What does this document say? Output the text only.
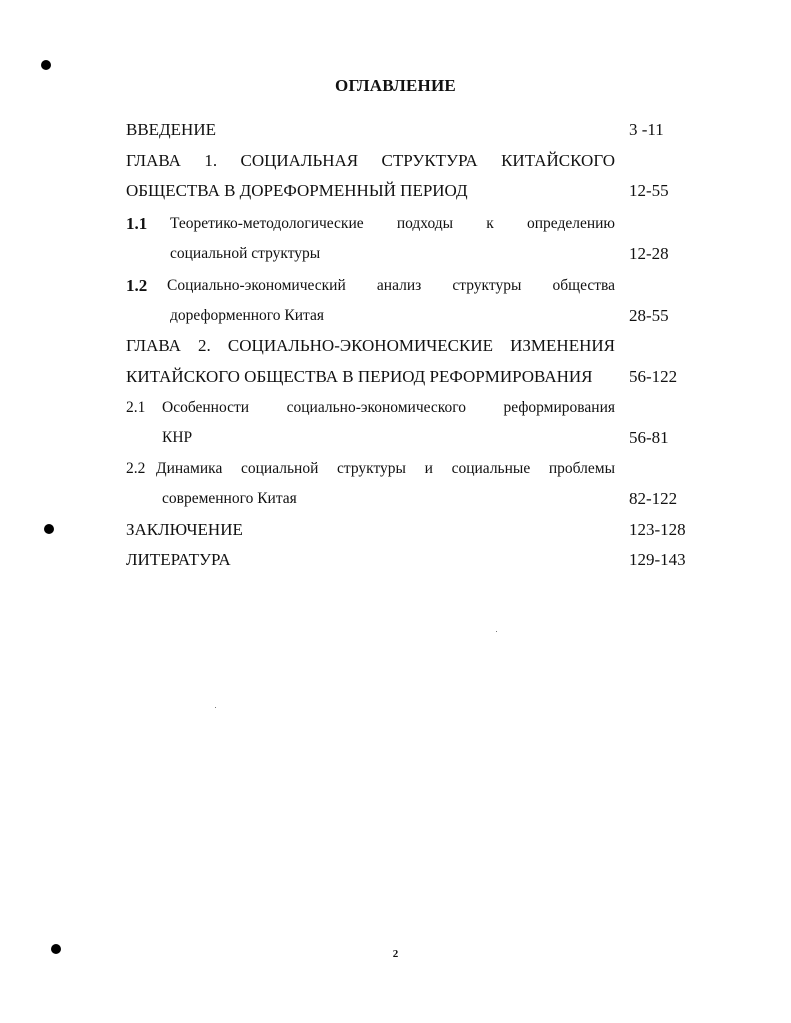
ОГЛАВЛЕНИЕ
ВВЕДЕНИЕ	3 -11
ГЛАВА 1. СОЦИАЛЬНАЯ СТРУКТУРА КИТАЙСКОГО
ОБЩЕСТВА В ДОРЕФОРМЕННЫЙ ПЕРИОД	12-55
1.1 Теоретико-методологические подходы к определению
социальной структуры	12-28
1.2 Социально-экономический анализ структуры общества
дореформенного Китая	28-55
ГЛАВА 2. СОЦИАЛЬНО-ЭКОНОМИЧЕСКИЕ ИЗМЕНЕНИЯ
КИТАЙСКОГО ОБЩЕСТВА В ПЕРИОД РЕФОРМИРОВАНИЯ 56-122
2.1 Особенности социально-экономического реформирования
КНР	56-81
2.2 Динамика социальной структуры и социальные проблемы
современного Китая	82-122
ЗАКЛЮЧЕНИЕ	123-128
ЛИТЕРАТУРА	129-143
2
